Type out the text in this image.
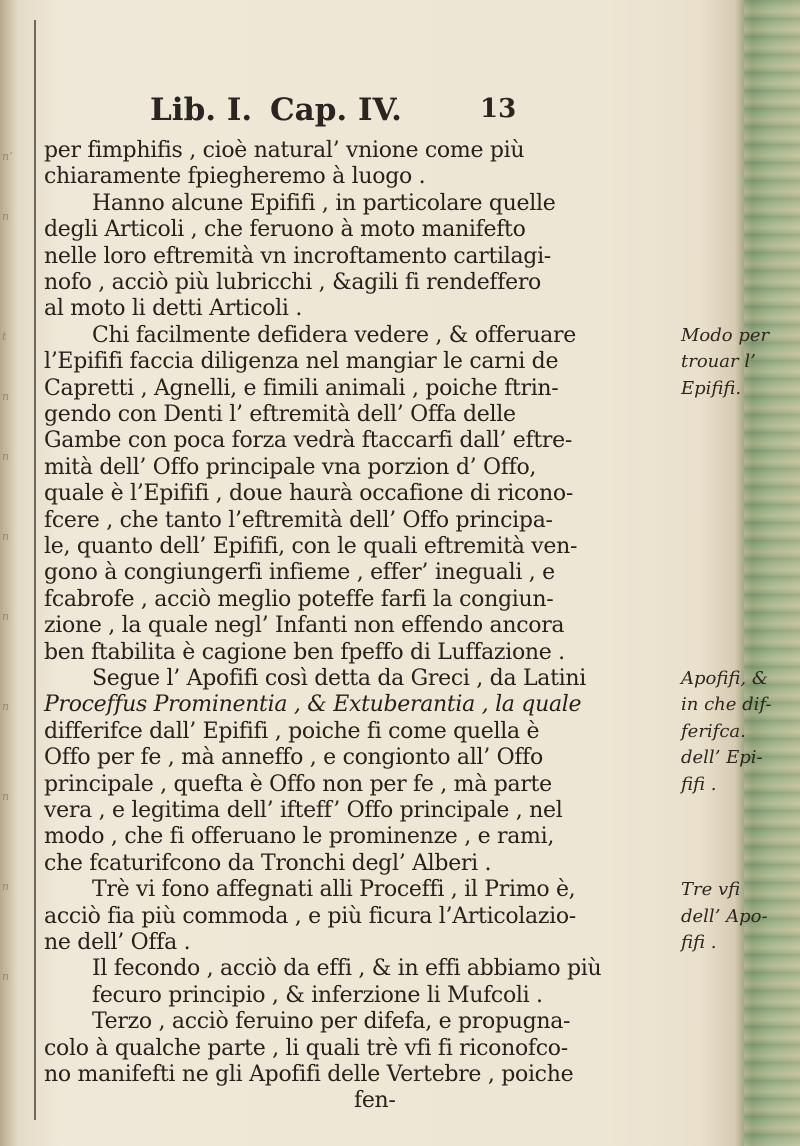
n’
n
t
n
n
n
n
n
n
n
n
Lib. I. Cap. IV.	13
per fimphifis , cioè natural’ vnione come più
chiaramente fpiegheremo à luogo .
Hanno alcune Epififi , in particolare quelle
degli Articoli , che feruono à moto manifefto
nelle loro eftremità vn incroftamento cartilagi-
nofo , acciò più lubricchi , &agili fi rendeffero
al moto li detti Articoli .
Chi facilmente defidera vedere , & offeruare
l’Epififi faccia diligenza nel mangiar le carni de
Capretti , Agnelli, e fimili animali , poiche ftrin-
gendo con Denti l’ eftremità dell’ Offa delle
Gambe con poca forza vedrà ftaccarfi dall’ eftre-
mità dell’ Offo principale vna porzion d’ Offo,
quale è l’Epififi , doue haurà occafione di ricono-
fcere , che tanto l’eftremità dell’ Offo principa-
le, quanto dell’ Epififi, con le quali eftremità ven-
gono à congiungerfi infieme , effer’ ineguali , e
fcabrofe , acciò meglio poteffe farfi la congiun-
zione , la quale negl’ Infanti non effendo ancora
ben ftabilita è cagione ben fpeffo di Luffazione .
Segue l’ Apofifi così detta da Greci , da Latini
Proceffus Prominentia , & Extuberantia , la quale
differifce dall’ Epififi , poiche fi come quella è
Offo per fe , mà anneffo , e congionto all’ Offo
principale , quefta è Offo non per fe , mà parte
vera , e legitima dell’ ifteff’ Offo principale , nel
modo , che fi offeruano le prominenze , e rami,
che fcaturifcono da Tronchi degl’ Alberi .
Trè vi fono affegnati alli Proceffi , il Primo è,
acciò fia più commoda , e più ficura l’Articolazio-
ne dell’ Offa .
Il fecondo , acciò da effi , & in effi abbiamo più
fecuro principio , & inferzione li Mufcoli .
Terzo , acciò feruino per difefa, e propugna-
colo à qualche parte , li quali trè vfi fi riconofco-
no manifefti ne gli Apofifi delle Vertebre , poiche
fen-
Modo per
trouar l’
Epififi.
Apofifi, &
in che dif-
ferifca.
dell’ Epi-
fifi .
Tre vfi
dell’ Apo-
fifi .
